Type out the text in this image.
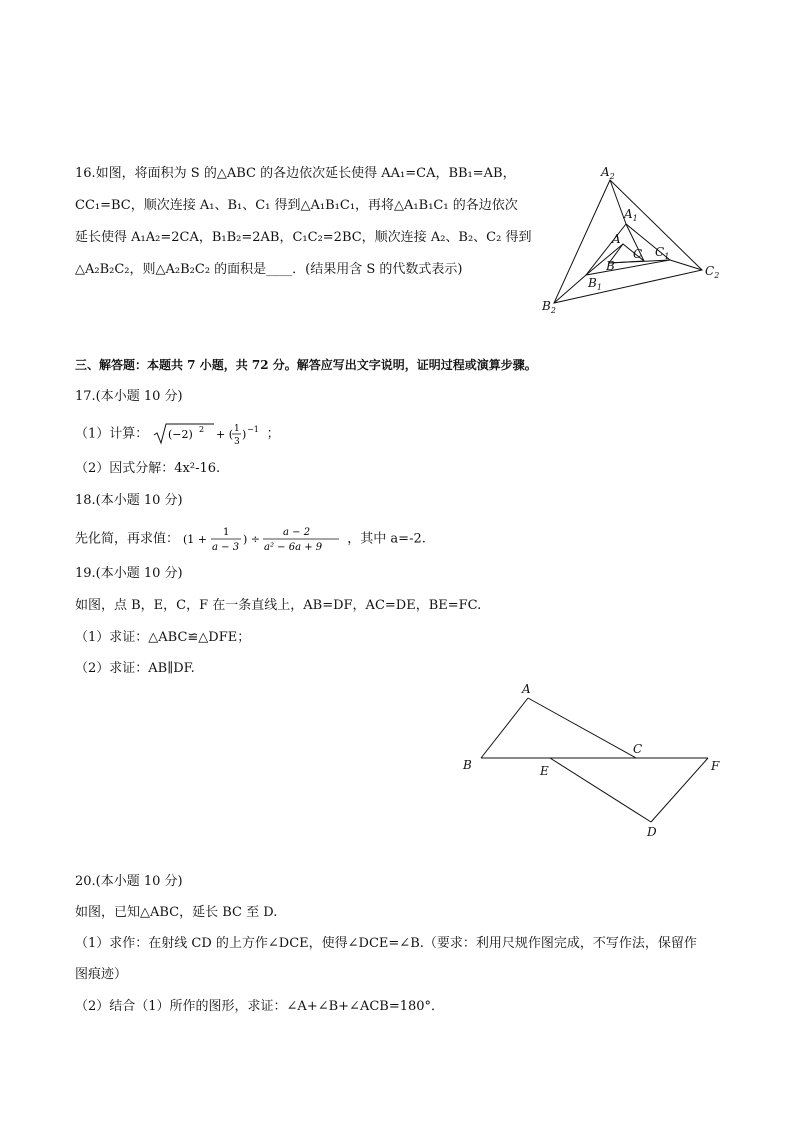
16.如图，将面积为 S 的△ABC 的各边依次延长使得 AA₁=CA，BB₁=AB，
CC₁=BC，顺次连接 A₁、B₁、C₁ 得到△A₁B₁C₁，再将△A₁B₁C₁ 的各边依次
延长使得 A₁A₂=2CA，B₁B₂=2AB，C₁C₂=2BC，顺次连接 A₂、B₂、C₂ 得到
△A₂B₂C₂，则△A₂B₂C₂ 的面积是____．(结果用含 S 的代数式表示)
$A_2$
$A_1$
A
C $C_1$
B
$B_1$
$C_2$
$B_2$
三、解答题：本题共 7 小题，共 72 分。解答应写出文字说明，证明过程或演算步骤。
17.(本小题 10 分)
（1）计算： (−2) 2 + ( 1
3
) −1 ；
（2）因式分解：4x²-16.
18.(本小题 10 分)
先化简，再求值： (1 +
1
a − 3
) ÷
a − 2
a² − 6a + 9
，其中 a=-2.
19.(本小题 10 分)
如图，点 B，E，C，F 在一条直线上，AB=DF，AC=DE，BE=FC.
（1）求证：△ABC≌△DFE；
（2）求证：AB∥DF.
A
B	E
C
F
D
20.(本小题 10 分)
如图，已知△ABC，延长 BC 至 D.
（1）求作：在射线 CD 的上方作∠DCE，使得∠DCE=∠B.（要求：利用尺规作图完成，不写作法，保留作
图痕迹）
（2）结合（1）所作的图形，求证：∠A+∠B+∠ACB=180°．
